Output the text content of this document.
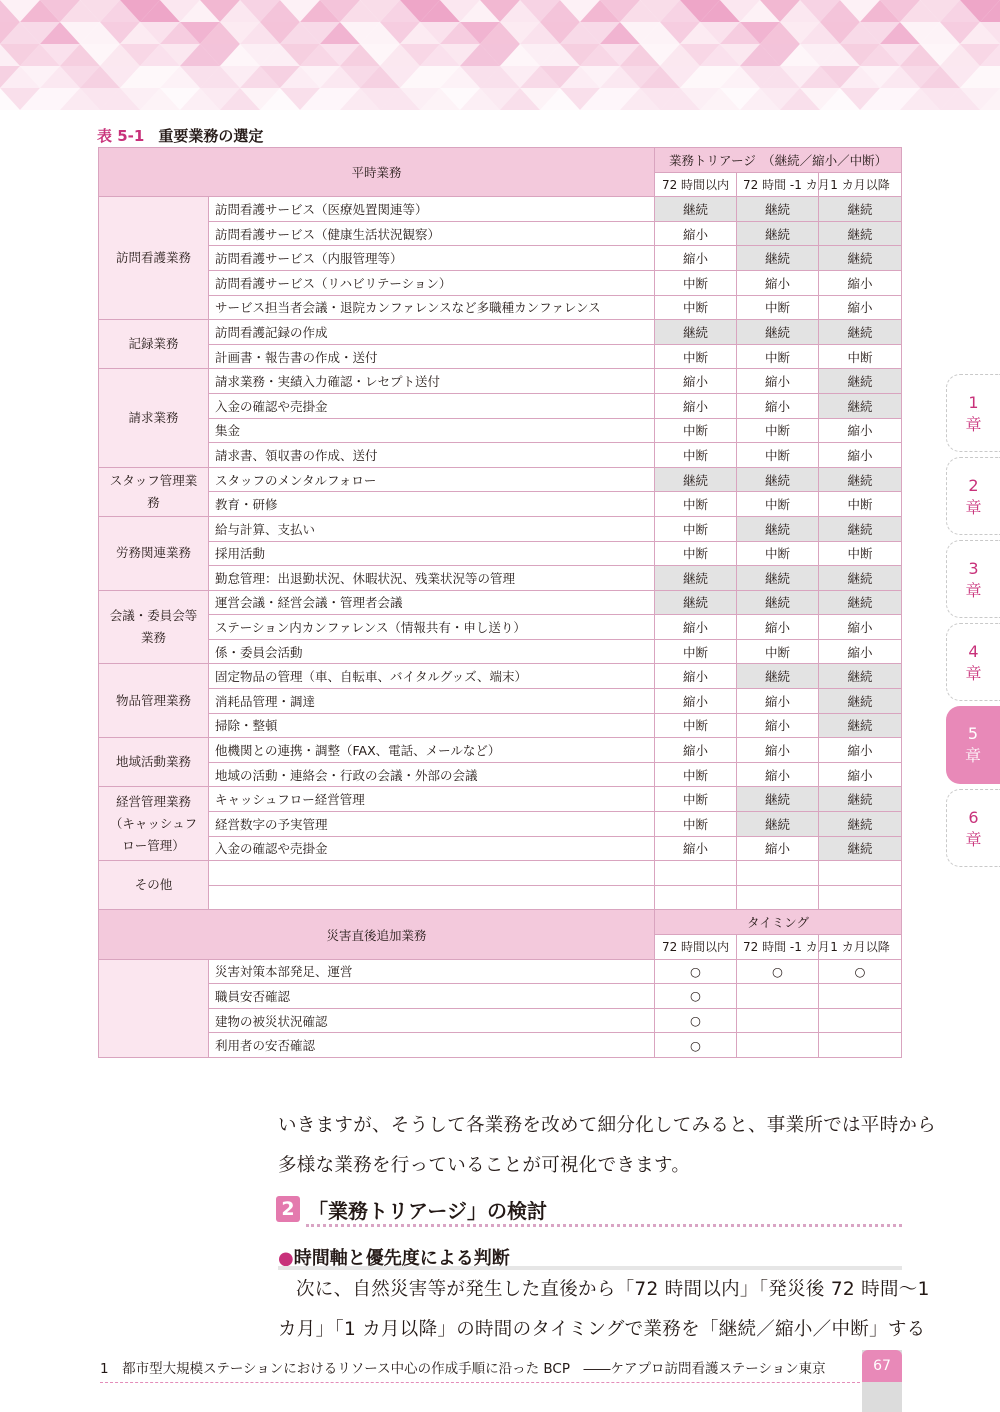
表 5-1 重要業務の選定
平時業務		業務トリアージ　（継続／縮小／中断）		
		72 時間以内	72 時間 -1 カ月	1 カ月以降
訪問看護業務	訪問看護サービス（医療処置関連等）	継続	継続	継続
	訪問看護サービス（健康生活状況観察）	縮小	継続	継続
	訪問看護サービス（内服管理等）	縮小	継続	継続
	訪問看護サービス（リハビリテーション）	中断	縮小	縮小
	サービス担当者会議・退院カンファレンスなど多職種カンファレンス	中断	中断	縮小
記録業務	訪問看護記録の作成	継続	継続	継続
	計画書・報告書の作成・送付	中断	中断	中断
請求業務	請求業務・実績入力確認・レセプト送付	縮小	縮小	継続
	入金の確認や売掛金	縮小	縮小	継続
	集金	中断	中断	縮小
	請求書、領収書の作成、送付	中断	中断	縮小
スタッフ管理業務	スタッフのメンタルフォロー	継続	継続	継続
	教育・研修	中断	中断	中断
労務関連業務	給与計算、支払い	中断	継続	継続
	採用活動	中断	中断	中断
	勤怠管理：出退勤状況、休暇状況、残業状況等の管理	継続	継続	継続
会議・委員会等業務	運営会議・経営会議・管理者会議	継続	継続	継続
	ステーション内カンファレンス（情報共有・申し送り）	縮小	縮小	縮小
	係・委員会活動	中断	中断	縮小
物品管理業務	固定物品の管理（車、自転車、バイタルグッズ、端末）	縮小	継続	継続
	消耗品管理・調達	縮小	縮小	継続
	掃除・整頓	中断	縮小	継続
地域活動業務	他機関との連携・調整（FAX、電話、メールなど）	縮小	縮小	縮小
	地域の活動・連絡会・行政の会議・外部の会議	中断	縮小	縮小
経営管理業務（キャッシュフロー管理）	キャッシュフロー経営管理	中断	継続	継続
	経営数字の予実管理	中断	継続	継続
	入金の確認や売掛金	縮小	縮小	継続
その他				

災害直後追加業務		タイミング		
		72 時間以内	72 時間 -1 カ月	1 カ月以降
	災害対策本部発足、運営	○	○	○
	職員安否確認	○		
	建物の被災状況確認	○		
	利用者の安否確認	○		
1
章
2
章
3
章
4
章
5
章
6
章
いきますが、そうして各業務を改めて細分化してみると、事業所では平時から
多様な業務を行っていることが可視化できます。
2 「業務トリアージ」の検討
●時間軸と優先度による判断
次に、自然災害等が発生した直後から「72 時間以内」「発災後 72 時間～1
カ月」「1 カ月以降」の時間のタイミングで業務を「継続／縮小／中断」する
1　都市型大規模ステーションにおけるリソース中心の作成手順に沿った BCP　――ケアプロ訪問看護ステーション東京	67
